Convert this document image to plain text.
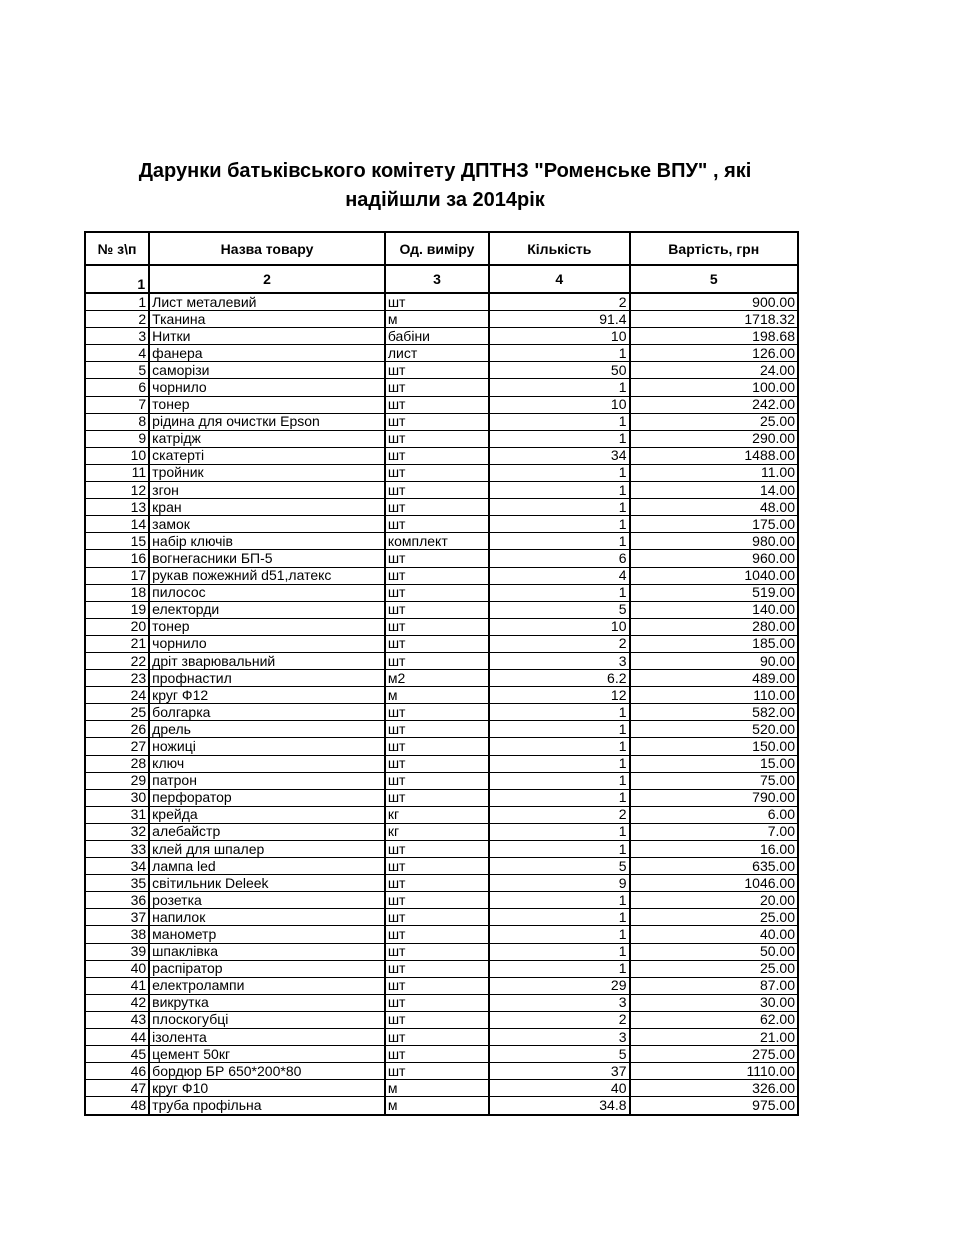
Дарунки батьківського комітету ДПТНЗ "Роменське ВПУ" , які
надійшли за 2014рік
№ з\п	Назва товару	Од. виміру	Кількість	Вартість, грн
1	2	3	4	5
1	Лист металевий	шт	2	900.00
2	Тканина	м	91.4	1718.32
3	Нитки	бабіни	10	198.68
4	фанера	лист	1	126.00
5	саморізи	шт	50	24.00
6	чорнило	шт	1	100.00
7	тонер	шт	10	242.00
8	рідина для очистки Epson	шт	1	25.00
9	катрідж	шт	1	290.00
10	скатерті	шт	34	1488.00
11	тройник	шт	1	11.00
12	згон	шт	1	14.00
13	кран	шт	1	48.00
14	замок	шт	1	175.00
15	набір ключів	комплект	1	980.00
16	вогнегасники БП-5	шт	6	960.00
17	рукав пожежний d51,латекс	шт	4	1040.00
18	пилосос	шт	1	519.00
19	електорди	шт	5	140.00
20	тонер	шт	10	280.00
21	чорнило	шт	2	185.00
22	дріт зварювальний	шт	3	90.00
23	профнастил	м2	6.2	489.00
24	круг Ф12	м	12	110.00
25	болгарка	шт	1	582.00
26	дрель	шт	1	520.00
27	ножиці	шт	1	150.00
28	ключ	шт	1	15.00
29	патрон	шт	1	75.00
30	перфоратор	шт	1	790.00
31	крейда	кг	2	6.00
32	алебайстр	кг	1	7.00
33	клей для шпалер	шт	1	16.00
34	лампа led	шт	5	635.00
35	світильник Deleek	шт	9	1046.00
36	розетка	шт	1	20.00
37	напилок	шт	1	25.00
38	манометр	шт	1	40.00
39	шпаклівка	шт	1	50.00
40	распіратор	шт	1	25.00
41	електролампи	шт	29	87.00
42	викрутка	шт	3	30.00
43	плоскогубці	шт	2	62.00
44	ізолента	шт	3	21.00
45	цемент 50кг	шт	5	275.00
46	бордюр БР 650*200*80	шт	37	1110.00
47	круг Ф10	м	40	326.00
48	труба профільна	м	34.8	975.00
